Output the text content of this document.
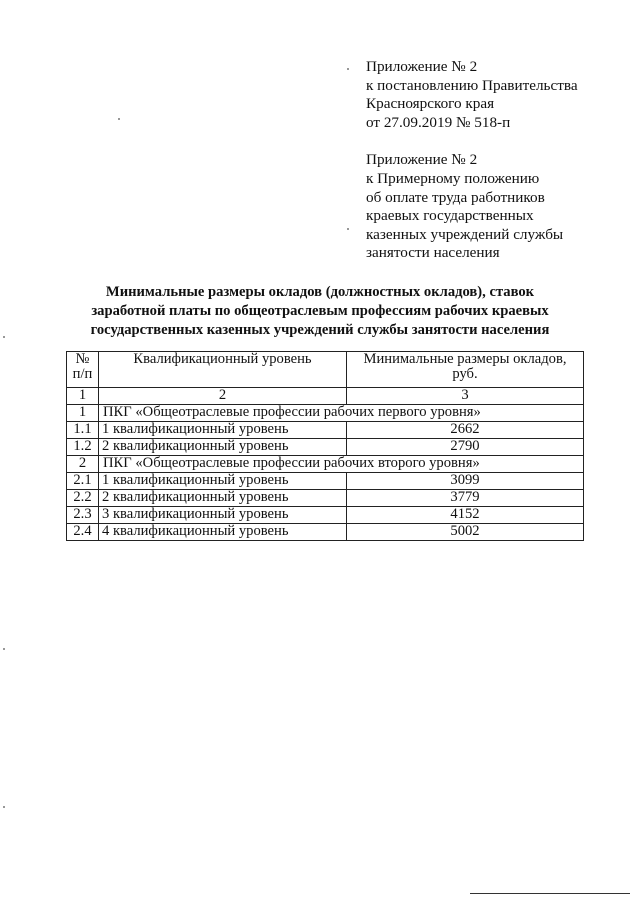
Приложение № 2
к постановлению Правительства
Красноярского края
от 27.09.2019 № 518-п
Приложение № 2
к Примерному положению
об оплате труда работников
краевых государственных
казенных учреждений службы
занятости населения
Минимальные размеры окладов (должностных окладов), ставок
заработной платы по общеотраслевым профессиям рабочих краевых
государственных казенных учреждений службы занятости населения
№ п/п	Квалификационный уровень	Минимальные размеры окладов, руб.
1	2	3
1	ПКГ «Общеотраслевые профессии рабочих первого уровня»	
1.1	1 квалификационный уровень	2662
1.2	2 квалификационный уровень	2790
2	ПКГ «Общеотраслевые профессии рабочих второго уровня»	
2.1	1 квалификационный уровень	3099
2.2	2 квалификационный уровень	3779
2.3	3 квалификационный уровень	4152
2.4	4 квалификационный уровень	5002
